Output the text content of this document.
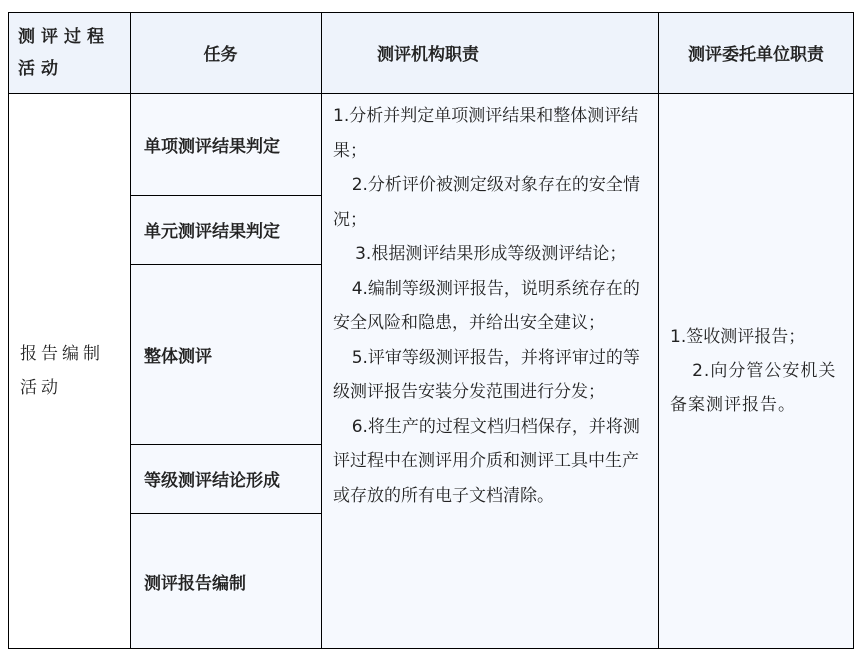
测评过程活动
任务	测评机构职责	测评委托单位职责
报告编制活动
单项测评结果判定
单元测评结果判定
整体测评
等级测评结论形成
测评报告编制

1.分析并判定单项测评结果和整体测评结果；

2.分析评价被测定级对象存在的安全情况；

3.根据测评结果形成等级测评结论；

4.编制等级测评报告，说明系统存在的安全风险和隐患，并给出安全建议；

5.评审等级测评报告，并将评审过的等级测评报告安装分发范围进行分发；

6.将生产的过程文档归档保存，并将测评过程中在测评用介质和测评工具中生产或存放的所有电子文档清除。

1.签收测评报告；

2.向分管公安机关备案测评报告。
